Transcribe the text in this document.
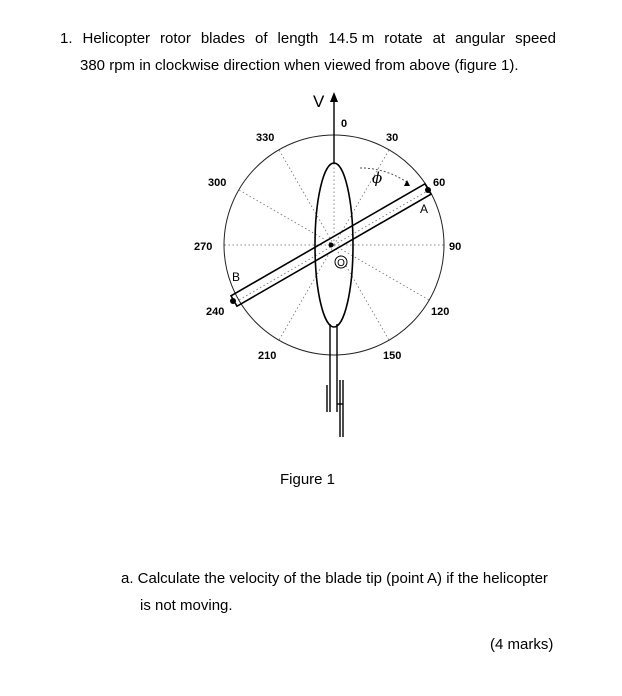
1. Helicopter rotor blades of length 14.5 m rotate at angular speed
380 rpm in clockwise direction when viewed from above (figure 1).
O
V
0
30
60
90
120
150
210
240
270
300
330
A
B
ϕ
Figure 1
a. Calculate the velocity of the blade tip (point A) if the helicopter
is not moving.
(4 marks)
